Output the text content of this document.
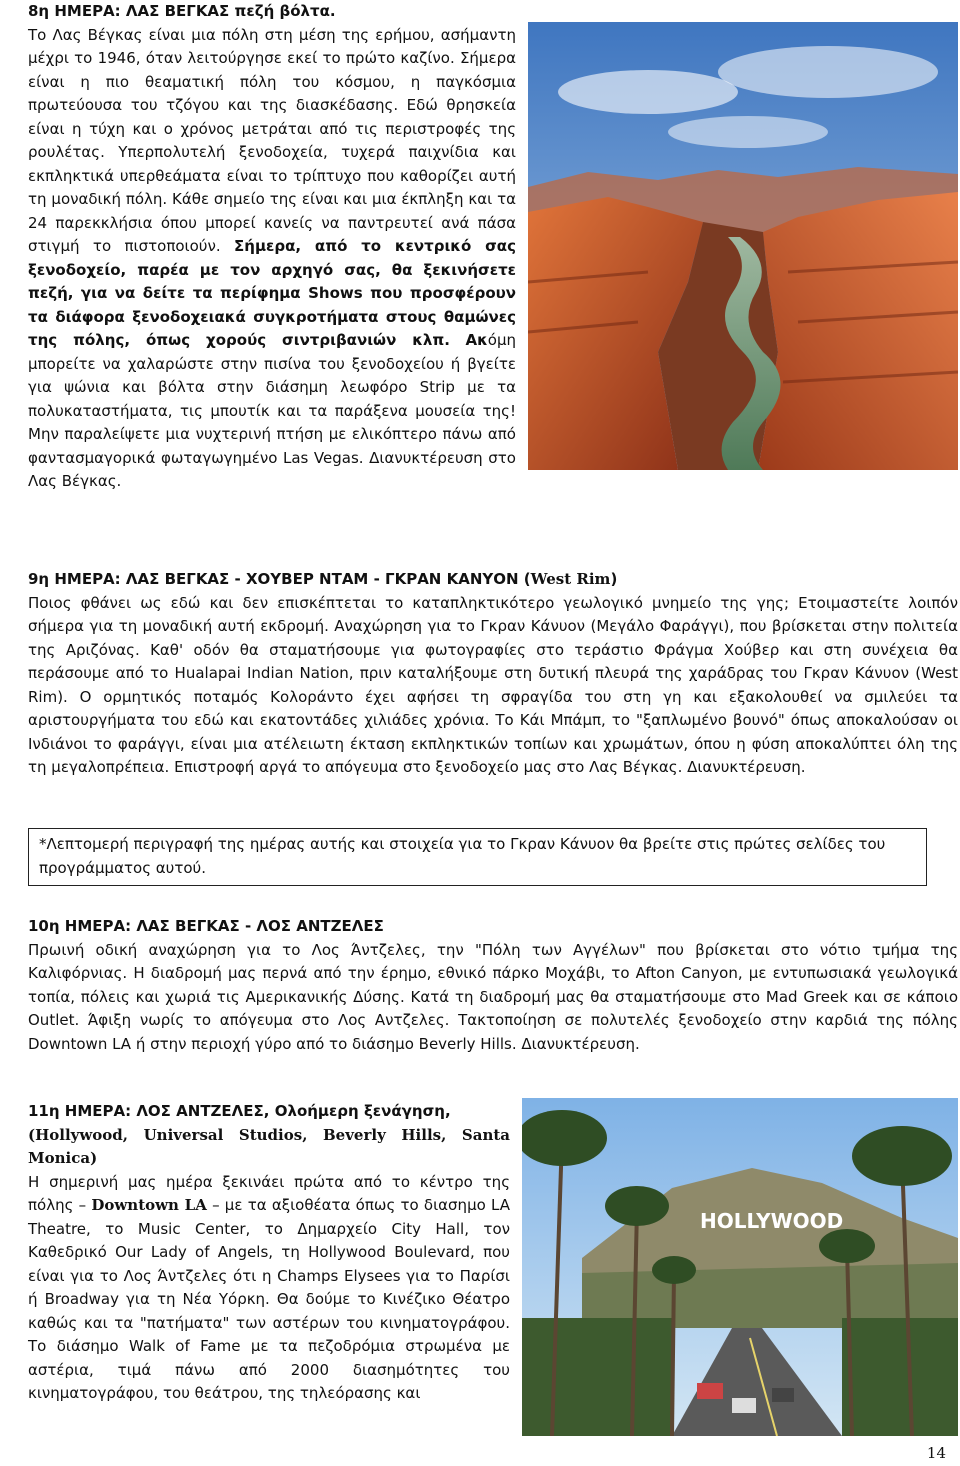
8η ΗΜΕΡΑ: ΛΑΣ ΒΕΓΚΑΣ πεζή βόλτα.

Το Λας Βέγκας είναι μια πόλη στη μέση της ερήμου, ασήμαντη μέχρι το 1946, όταν λειτούργησε εκεί το πρώτο καζίνο. Σήμερα είναι η πιο θεαματική πόλη του κόσμου, η παγκόσμια πρωτεύουσα του τζόγου και της διασκέδασης. Εδώ θρησκεία είναι η τύχη και ο χρόνος μετράται από τις περιστροφές της ρουλέτας. Υπερπολυτελή ξενοδοχεία, τυχερά παιχνίδια και εκπληκτικά υπερθεάματα είναι το τρίπτυχο που καθορίζει αυτή τη μοναδική πόλη. Κάθε σημείο της είναι και μια έκπληξη και τα 24 παρεκκλήσια όπου μπορεί κανείς να παντρευτεί ανά πάσα στιγμή το πιστοποιούν. Σήμερα, από το κεντρικό σας ξενοδοχείο, παρέα με τον αρχηγό σας, θα ξεκινήσετε πεζή, για να δείτε τα περίφημα Shows που προσφέρουν τα διάφορα ξενοδοχειακά συγκροτήματα στους θαμώνες της πόλης, όπως χορούς σιντριβανιών κλπ. Ακόμη μπορείτε να χαλαρώστε στην πισίνα του ξενοδοχείου ή βγείτε για ψώνια και βόλτα στην διάσημη λεωφόρο Strip με τα πολυκαταστήματα, τις μπουτίκ και τα παράξενα μουσεία της! Μην παραλείψετε μια νυχτερινή πτήση με ελικόπτερο πάνω από φαντασμαγορικά φωταγωγημένο Las Vegas. Διανυκτέρευση στο Λας Βέγκας.

9η ΗΜΕΡΑ: ΛΑΣ ΒΕΓΚΑΣ - ΧΟΥΒΕΡ ΝΤΑΜ - ΓΚΡΑΝ ΚΑΝΥΟΝ (West Rim)

Ποιος φθάνει ως εδώ και δεν επισκέπτεται το καταπληκτικότερο γεωλογικό μνημείο της γης; Ετοιμαστείτε λοιπόν σήμερα για τη μοναδική αυτή εκδρομή. Αναχώρηση για το Γκραν Κάνυον (Μεγάλο Φαράγγι), που βρίσκεται στην πολιτεία της Αριζόνας. Καθ' οδόν θα σταματήσουμε για φωτογραφίες στο τεράστιο Φράγμα Χούβερ και στη συνέχεια θα περάσουμε από το Hualapai Indian Nation, πριν καταλήξουμε στη δυτική πλευρά της χαράδρας του Γκραν Κάνυον (West Rim). Ο ορμητικός ποταμός Κολοράντο έχει αφήσει τη σφραγίδα του στη γη και εξακολουθεί να σμιλεύει τα αριστουργήματα του εδώ και εκατοντάδες χιλιάδες χρόνια. Το Κάι Μπάμπ, το "ξαπλωμένο βουνό" όπως αποκαλούσαν οι Ινδιάνοι το φαράγγι, είναι μια ατέλειωτη έκταση εκπληκτικών τοπίων και χρωμάτων, όπου η φύση αποκαλύπτει όλη της τη μεγαλοπρέπεια. Επιστροφή αργά το απόγευμα στο ξενοδοχείο μας στο Λας Βέγκας. Διανυκτέρευση.

*Λεπτομερή περιγραφή της ημέρας αυτής και στοιχεία για το Γκραν Κάνυον θα βρείτε στις πρώτες σελίδες του προγράμματος αυτού.

10η ΗΜΕΡΑ: ΛΑΣ ΒΕΓΚΑΣ - ΛΟΣ ΑΝΤΖΕΛΕΣ

Πρωινή οδική αναχώρηση για το Λος Άντζελες, την "Πόλη των Αγγέλων" που βρίσκεται στο νότιο τμήμα της Καλιφόρνιας. Η διαδρομή μας περνά από την έρημο, εθνικό πάρκο Μοχάβι, το Afton Canyon, με εντυπωσιακά γεωλογικά τοπία, πόλεις και χωριά τις Αμερικανικής Δύσης. Κατά τη διαδρομή μας θα σταματήσουμε στο Mad Greek και σε κάποιο Outlet. Άφιξη νωρίς το απόγευμα στο Λος Αντζελες. Τακτοποίηση σε πολυτελές ξενοδοχείο στην καρδιά της πόλης Downtown LA ή στην περιοχή γύρο από το διάσημο Beverly Hills. Διανυκτέρευση.

HOLLYWOOD
11η ΗΜΕΡΑ: ΛΟΣ ΑΝΤΖΕΛΕΣ, Ολοήμερη ξενάγηση,

(Hollywood, Universal Studios, Beverly Hills, Santa Monica)

Η σημερινή μας ημέρα ξεκινάει πρώτα από το κέντρο της πόλης – Downtown LA – με τα αξιοθέατα όπως το διασημο LA Theatre, το Music Center, το Δημαρχείο City Hall, τον Καθεδρικό Our Lady of Angels, τη Hollywood Boulevard, που είναι για το Λος Άντζελες ότι η Champs Elysees για το Παρίσι ή Broadway για τη Νέα Υόρκη. Θα δούμε το Κινέζικο Θέατρο καθώς και τα "πατήματα" των αστέρων του κινηματογράφου. Το διάσημο Walk of Fame με τα πεζοδρόμια στρωμένα με αστέρια, τιμά πάνω από 2000 διασημότητες του κινηματογράφου, του θεάτρου, της τηλεόρασης και

14
